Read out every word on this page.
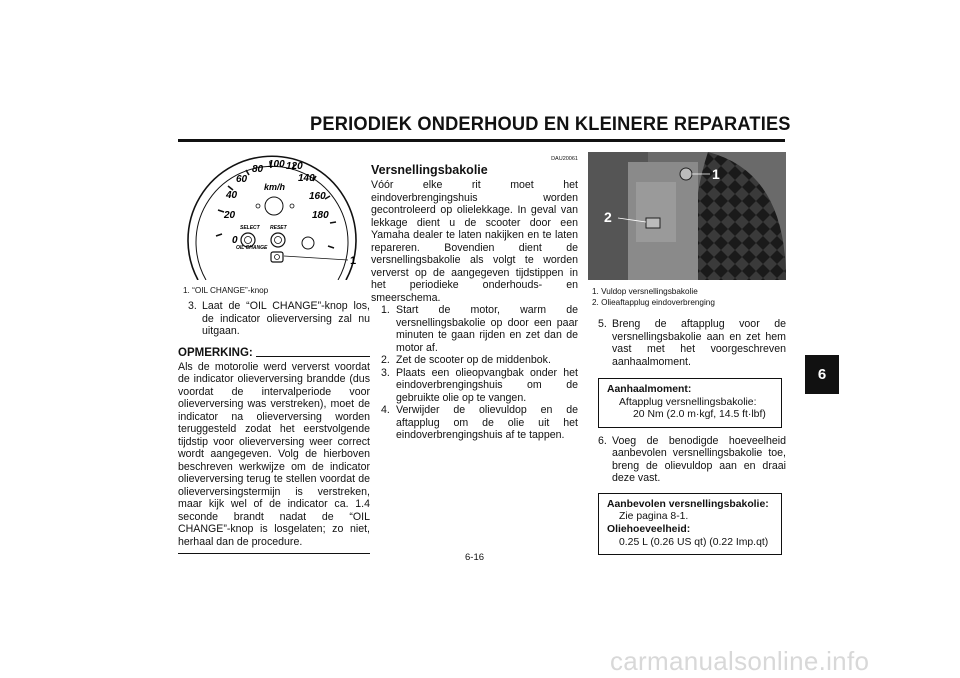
PERIODIEK ONDERHOUD EN KLEINERE REPARATIES
6
0
20
40
60
80 100 120
140
160
180
km/h
SELECT RESET
OIL CHANGE
1
1. “OIL CHANGE”-knop
3. Laat de “OIL CHANGE”-knop los, de indicator olieverversing zal nu uitgaan.
OPMERKING:
Als de motorolie werd ververst voordat de indicator olieverversing brandde (dus voordat de intervalperiode voor olieverversing was verstreken), moet de indicator na olieverversing worden teruggesteld zodat het eerstvolgende tijdstip voor olieverversing weer correct wordt aangegeven. Volg de hierboven beschreven werkwijze om de indicator olieverversing terug te stellen voordat de olieverversingstermijn is verstreken, maar kijk wel of de indicator ca. 1.4 seconde brandt nadat de “OIL CHANGE”-knop is losgelaten; zo niet, herhaal dan de procedure.
DAU20061
Versnellingsbakolie
Vóór elke rit moet het eindoverbrengingshuis worden gecontroleerd op olielekkage. In geval van lekkage dient u de scooter door een Yamaha dealer te laten nakijken en te laten repareren. Bovendien dient de versnellingsbakolie als volgt te worden ververst op de aangegeven tijdstippen in het periodieke onderhouds- en smeerschema.
1. Start de motor, warm de versnellingsbakolie op door een paar minuten te gaan rijden en zet dan de motor af.
2. Zet de scooter op de middenbok.
3. Plaats een olieopvangbak onder het eindoverbrengingshuis om de gebruikte olie op te vangen.
4. Verwijder de olievuldop en de aftapplug om de olie uit het eindoverbrengingshuis af te tappen.
1
2
1. Vuldop versnellingsbakolie
2. Olieaftapplug eindoverbrenging
5. Breng de aftapplug voor de versnellingsbakolie aan en zet hem vast met het voorgeschreven aanhaalmoment.
Aanhaalmoment:
Aftapplug versnellingsbakolie:
20 Nm (2.0 m·kgf, 14.5 ft·lbf)
6. Voeg de benodigde hoeveelheid aanbevolen versnellingsbakolie toe, breng de olievuldop aan en draai deze vast.
Aanbevolen versnellingsbakolie:
Zie pagina 8-1.
Oliehoeveelheid:
0.25 L (0.26 US qt) (0.22 Imp.qt)
6-16
carmanualsonline.info
